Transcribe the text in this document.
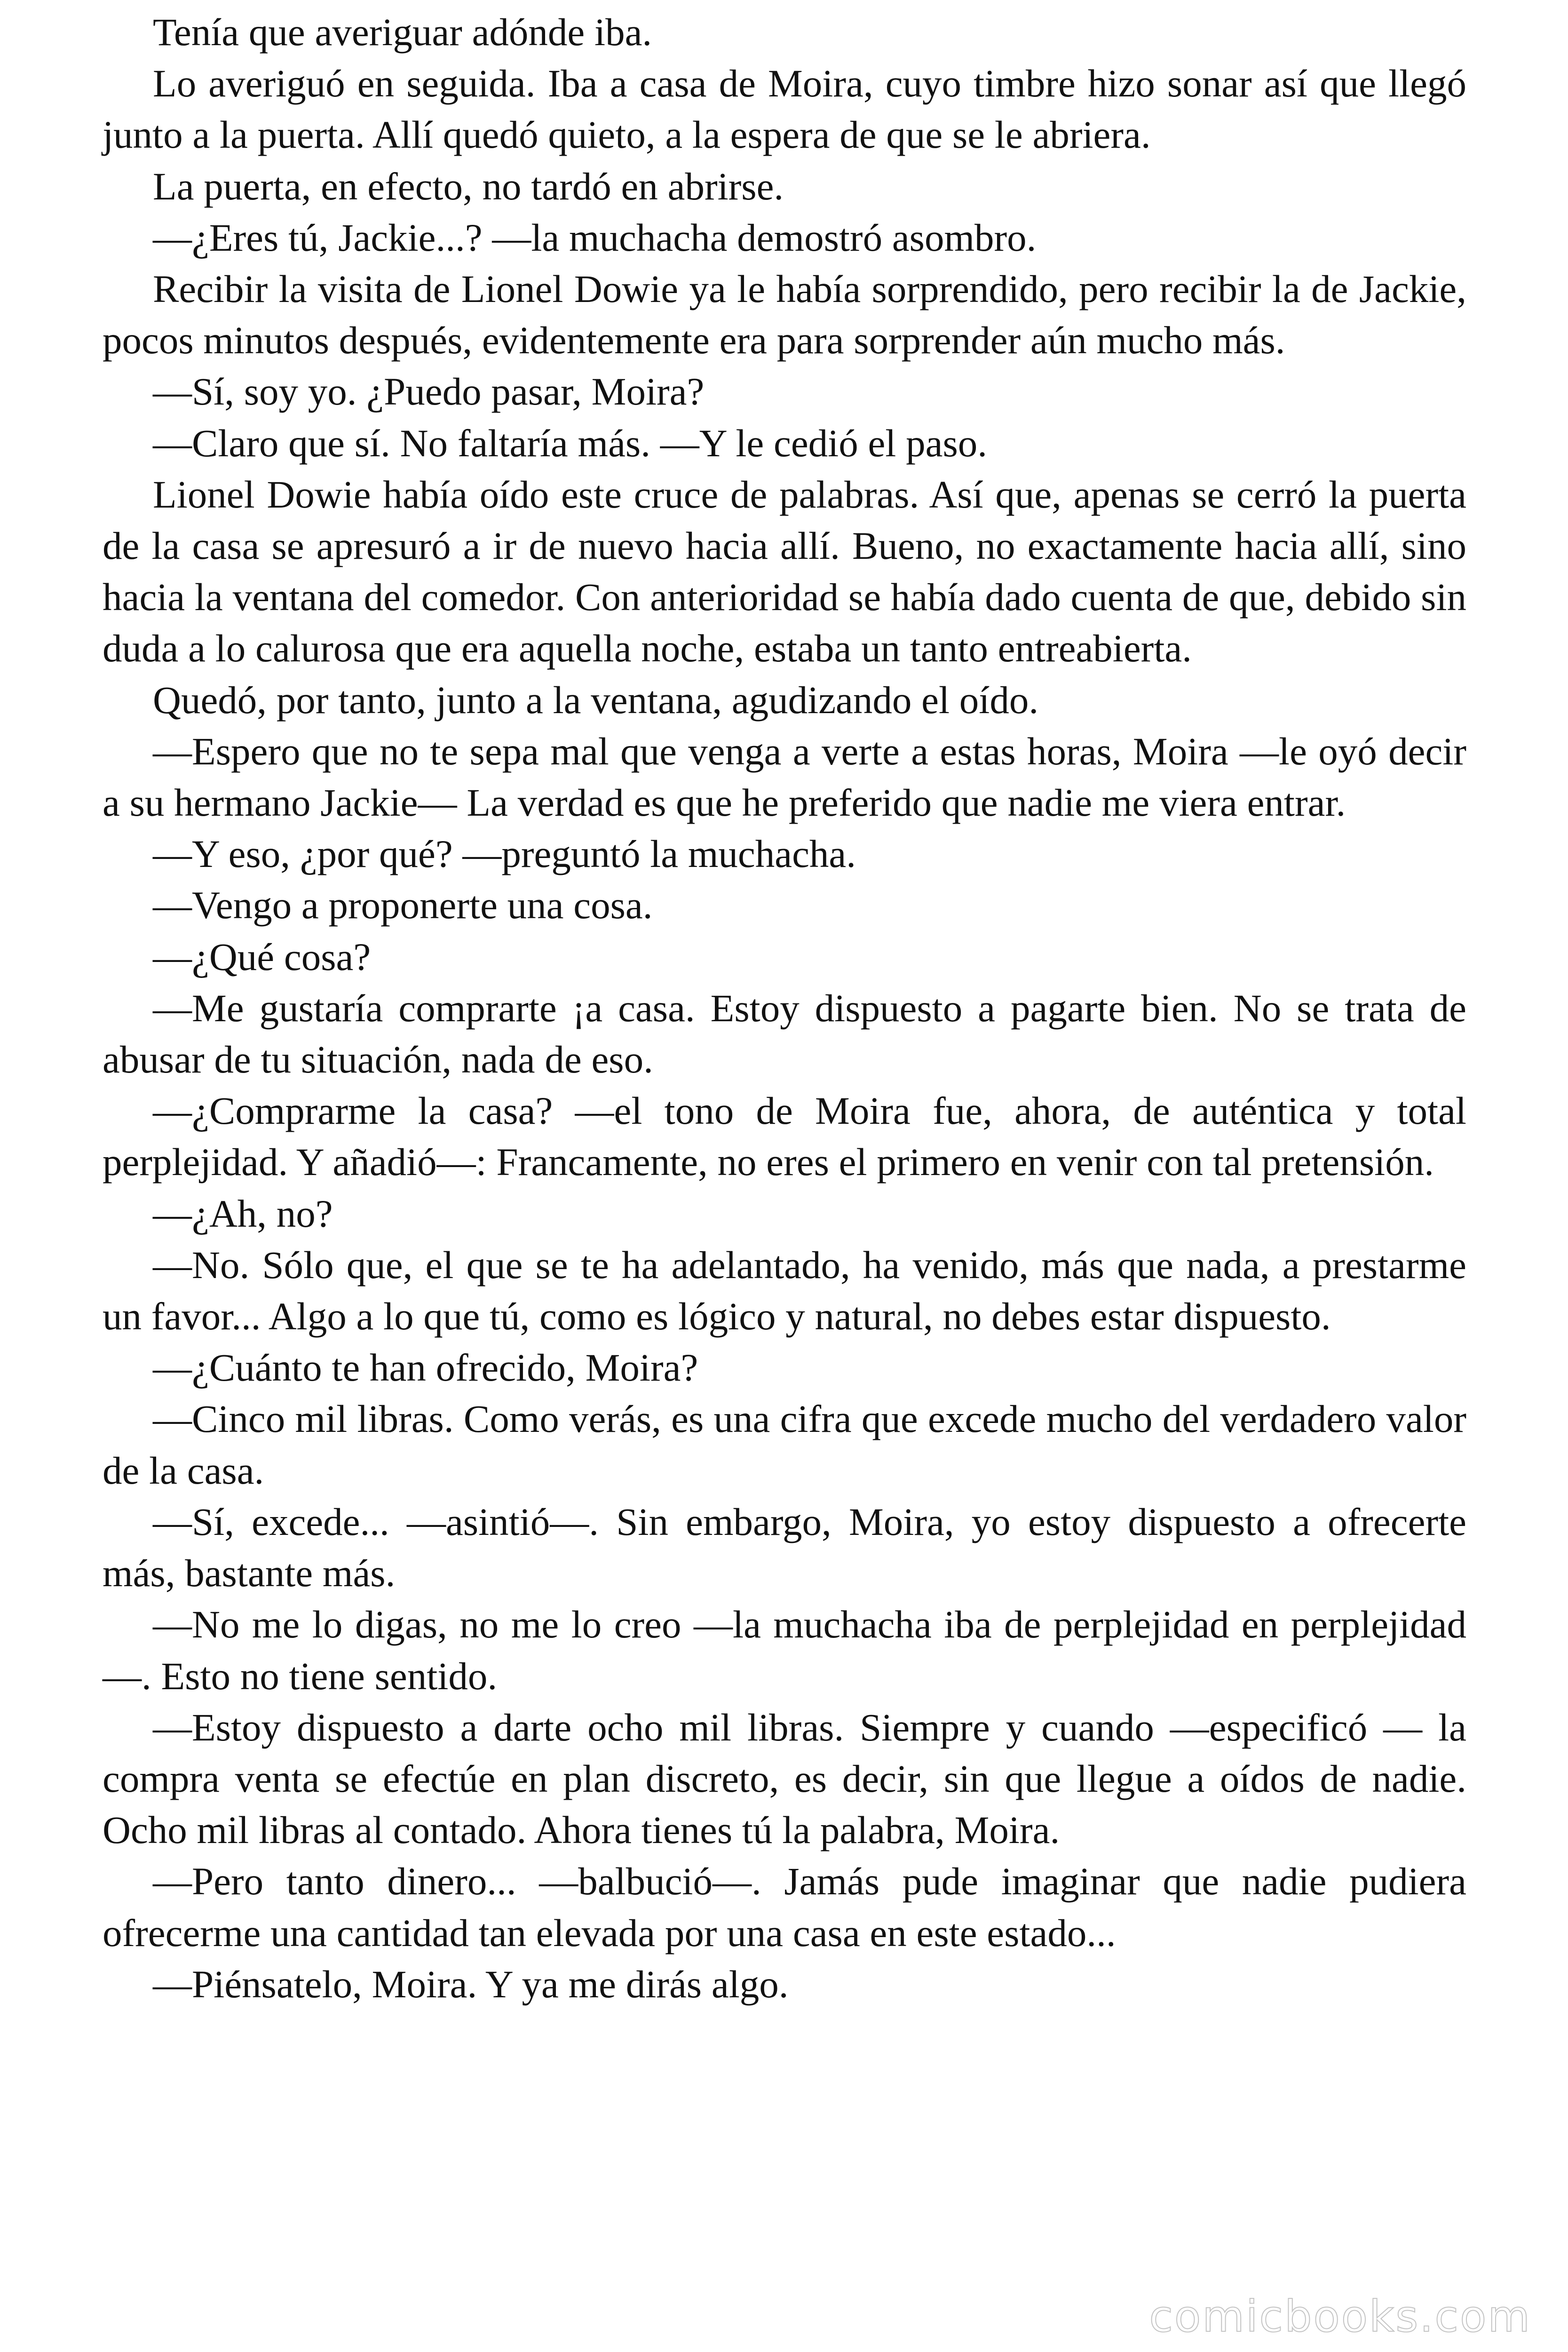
Tenía que averiguar adónde iba.

Lo averiguó en seguida. Iba a casa de Moira, cuyo timbre hizo sonar así que llegó junto a la puerta. Allí quedó quieto, a la espera de que se le abriera.

La puerta, en efecto, no tardó en abrirse.

—¿Eres tú, Jackie...? —la muchacha demostró asombro.

Recibir la visita de Lionel Dowie ya le había sorprendido, pero recibir la de Jackie, pocos minutos después, evidentemente era para sorprender aún mucho más.

—Sí, soy yo. ¿Puedo pasar, Moira?

—Claro que sí. No faltaría más. —Y le cedió el paso.

Lionel Dowie había oído este cruce de palabras. Así que, apenas se cerró la puerta de la casa se apresuró a ir de nuevo hacia allí. Bueno, no exactamente hacia allí, sino hacia la ventana del comedor. Con anterioridad se había dado cuenta de que, debido sin duda a lo calurosa que era aquella noche, estaba un tanto entreabierta.

Quedó, por tanto, junto a la ventana, agudizando el oído.

—Espero que no te sepa mal que venga a verte a estas horas, Moira —le oyó decir a su hermano Jackie— La verdad es que he preferido que nadie me viera entrar.

—Y eso, ¿por qué? —preguntó la muchacha.

—Vengo a proponerte una cosa.

—¿Qué cosa?

—Me gustaría comprarte ¡a casa. Estoy dispuesto a pagarte bien. No se trata de abusar de tu situación, nada de eso.

—¿Comprarme la casa? —el tono de Moira fue, ahora, de auténtica y total perplejidad. Y añadió—: Francamente, no eres el primero en venir con tal pretensión.

—¿Ah, no?

—No. Sólo que, el que se te ha adelantado, ha venido, más que nada, a prestarme un favor... Algo a lo que tú, como es lógico y natural, no debes estar dispuesto.

—¿Cuánto te han ofrecido, Moira?

—Cinco mil libras. Como verás, es una cifra que excede mucho del verdadero valor de la casa.

—Sí, excede... —asintió—. Sin embargo, Moira, yo estoy dispuesto a ofrecerte más, bastante más.

—No me lo digas, no me lo creo —la muchacha iba de perplejidad en perplejidad—. Esto no tiene sentido.

—Estoy dispuesto a darte ocho mil libras. Siempre y cuando —especificó — la compra venta se efectúe en plan discreto, es decir, sin que llegue a oídos de nadie. Ocho mil libras al contado. Ahora tienes tú la palabra, Moira.

—Pero tanto dinero... —balbució—. Jamás pude imaginar que nadie pudiera ofrecerme una cantidad tan elevada por una casa en este estado...

—Piénsatelo, Moira. Y ya me dirás algo.

comicbooks.com
